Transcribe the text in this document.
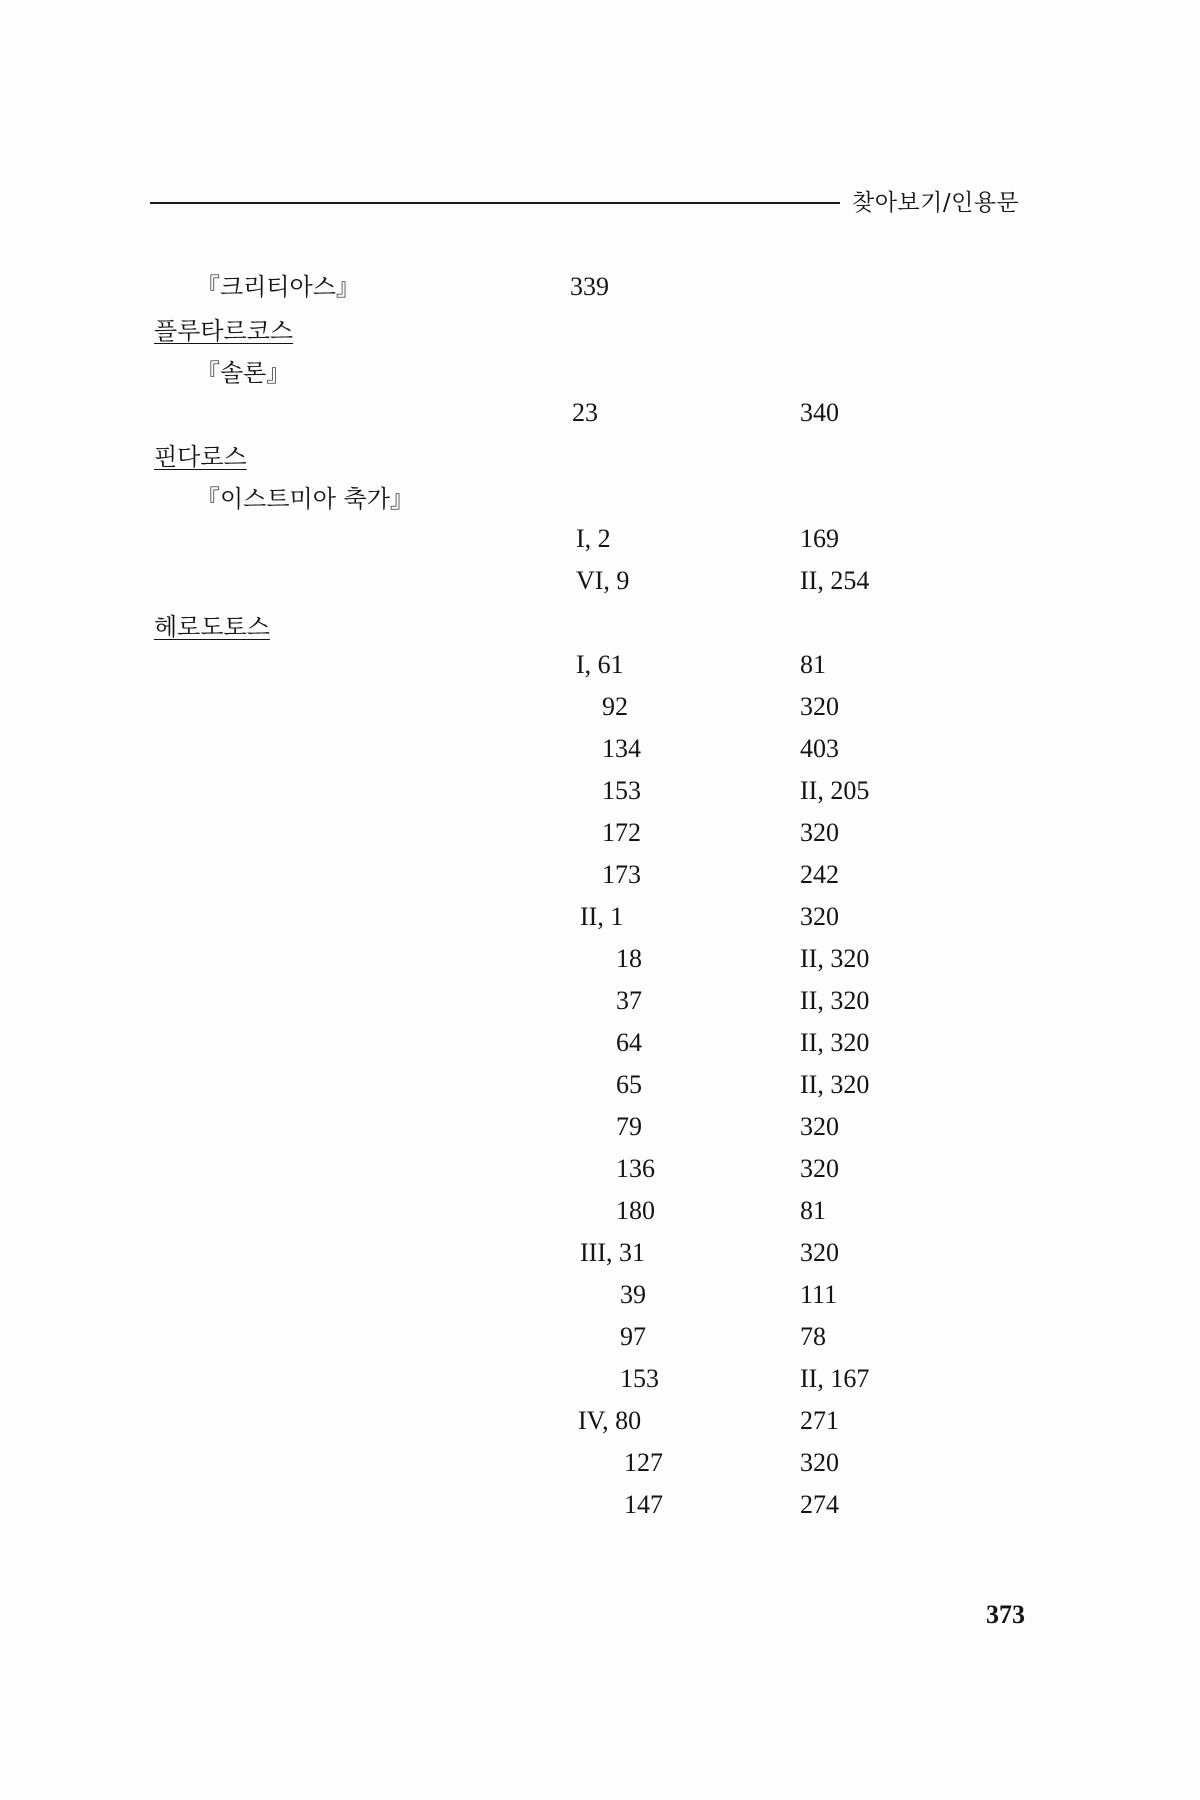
찾아보기/인용문
『크리티아스』	339
플루타르코스
『솔론』
23	340
핀다로스
『이스트미아 축가』
I, 2	169
VI, 9	II, 254
헤로도토스
I, 61	81
92	320
134	403
153	II, 205
172	320
173	242
II, 1	320
18	II, 320
37	II, 320
64	II, 320
65	II, 320
79	320
136	320
180	81
III, 31	320
39	111
97	78
153	II, 167
IV, 80	271
127	320
147	274
373
